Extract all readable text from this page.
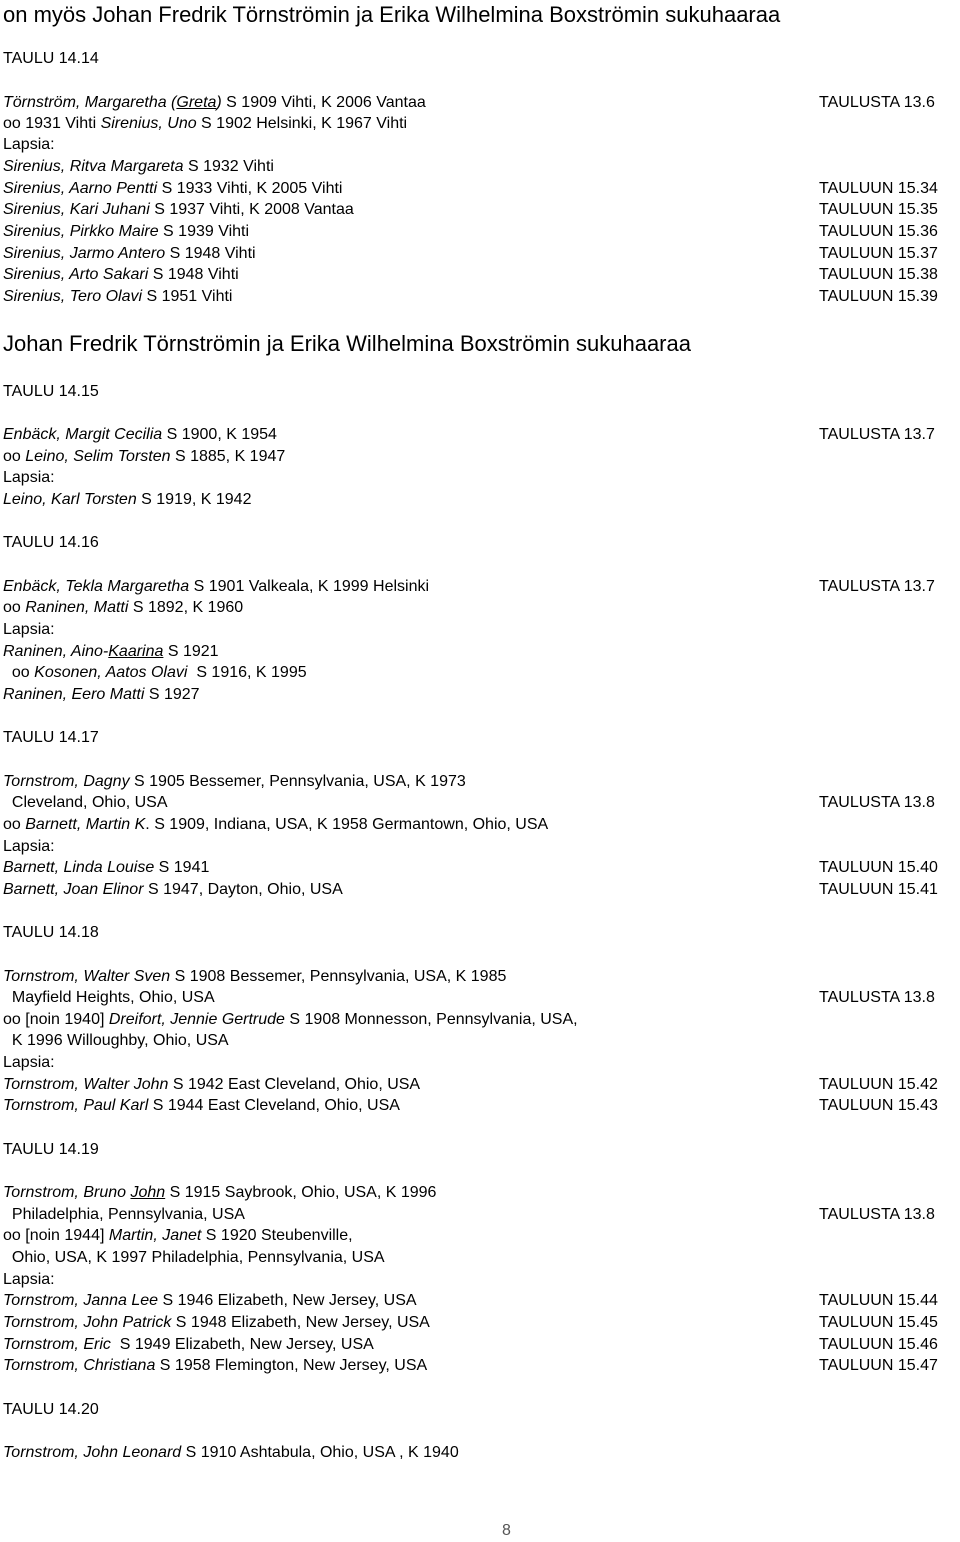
on myös Johan Fredrik Törnströmin ja Erika Wilhelmina Boxströmin sukuhaaraa
TAULU 14.14
Törnström, Margaretha (Greta) S 1909 Vihti, K 2006 Vantaa	TAULUSTA 13.6
oo 1931 Vihti Sirenius, Uno S 1902 Helsinki, K 1967 Vihti
Lapsia:
Sirenius, Ritva Margareta S 1932 Vihti
Sirenius, Aarno Pentti S 1933 Vihti, K 2005 Vihti	TAULUUN 15.34
Sirenius, Kari Juhani S 1937 Vihti, K 2008 Vantaa	TAULUUN 15.35
Sirenius, Pirkko Maire S 1939 Vihti	TAULUUN 15.36
Sirenius, Jarmo Antero S 1948 Vihti	TAULUUN 15.37
Sirenius, Arto Sakari S 1948 Vihti	TAULUUN 15.38
Sirenius, Tero Olavi S 1951 Vihti	TAULUUN 15.39
Johan Fredrik Törnströmin ja Erika Wilhelmina Boxströmin sukuhaaraa
TAULU 14.15
Enbäck, Margit Cecilia S 1900, K 1954	TAULUSTA 13.7
oo Leino, Selim Torsten S 1885, K 1947
Lapsia:
Leino, Karl Torsten S 1919, K 1942
TAULU 14.16
Enbäck, Tekla Margaretha S 1901 Valkeala, K 1999 Helsinki	TAULUSTA 13.7
oo Raninen, Matti S 1892, K 1960
Lapsia:
Raninen, Aino-Kaarina S 1921
oo Kosonen, Aatos Olavi  S 1916, K 1995
Raninen, Eero Matti S 1927
TAULU 14.17
Tornstrom, Dagny S 1905 Bessemer, Pennsylvania, USA, K 1973
Cleveland, Ohio, USA	TAULUSTA 13.8
oo Barnett, Martin K. S 1909, Indiana, USA, K 1958 Germantown, Ohio, USA
Lapsia:
Barnett, Linda Louise S 1941	TAULUUN 15.40
Barnett, Joan Elinor S 1947, Dayton, Ohio, USA	TAULUUN 15.41
TAULU 14.18
Tornstrom, Walter Sven S 1908 Bessemer, Pennsylvania, USA, K 1985
Mayfield Heights, Ohio, USA	TAULUSTA 13.8
oo [noin 1940] Dreifort, Jennie Gertrude S 1908 Monnesson, Pennsylvania, USA,
K 1996 Willoughby, Ohio, USA
Lapsia:
Tornstrom, Walter John S 1942 East Cleveland, Ohio, USA	TAULUUN 15.42
Tornstrom, Paul Karl S 1944 East Cleveland, Ohio, USA	TAULUUN 15.43
TAULU 14.19
Tornstrom, Bruno John S 1915 Saybrook, Ohio, USA, K 1996
Philadelphia, Pennsylvania, USA	TAULUSTA 13.8
oo [noin 1944] Martin, Janet S 1920 Steubenville,
Ohio, USA, K 1997 Philadelphia, Pennsylvania, USA
Lapsia:
Tornstrom, Janna Lee S 1946 Elizabeth, New Jersey, USA	TAULUUN 15.44
Tornstrom, John Patrick S 1948 Elizabeth, New Jersey, USA	TAULUUN 15.45
Tornstrom, Eric  S 1949 Elizabeth, New Jersey, USA	TAULUUN 15.46
Tornstrom, Christiana S 1958 Flemington, New Jersey, USA	TAULUUN 15.47
TAULU 14.20
Tornstrom, John Leonard S 1910 Ashtabula, Ohio, USA , K 1940
8
